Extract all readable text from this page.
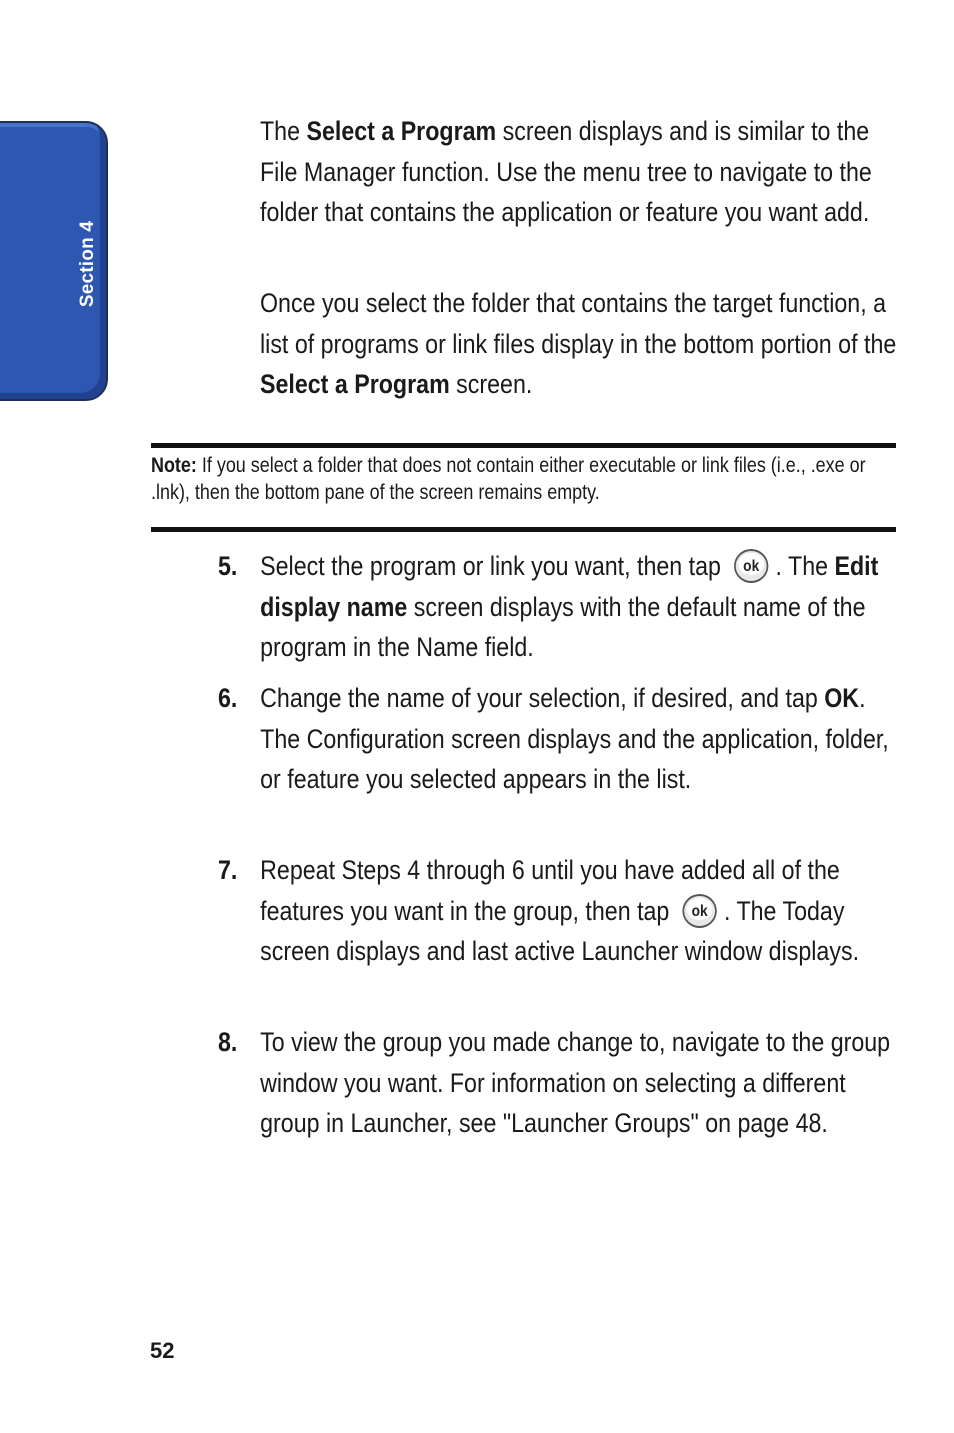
Section 4
The Select a Program screen displays and is similar to the File Manager function. Use the menu tree to navigate to the folder that contains the application or feature you want add.
Once you select the folder that contains the target function, a list of programs or link files display in the bottom portion of the Select a Program screen.
Note: If you select a folder that does not contain either executable or link files (i.e., .exe or .lnk), then the bottom pane of the screen remains empty.
5. Select the program or link you want, then tap ok . The Edit display name screen displays with the default name of the program in the Name field.
6. Change the name of your selection, if desired, and tap OK. The Configuration screen displays and the application, folder, or feature you selected appears in the list.
7. Repeat Steps 4 through 6 until you have added all of the features you want in the group, then tap ok . The Today screen displays and last active Launcher window displays.
8. To view the group you made change to, navigate to the group window you want. For information on selecting a different group in Launcher, see "Launcher Groups" on page 48.
52
